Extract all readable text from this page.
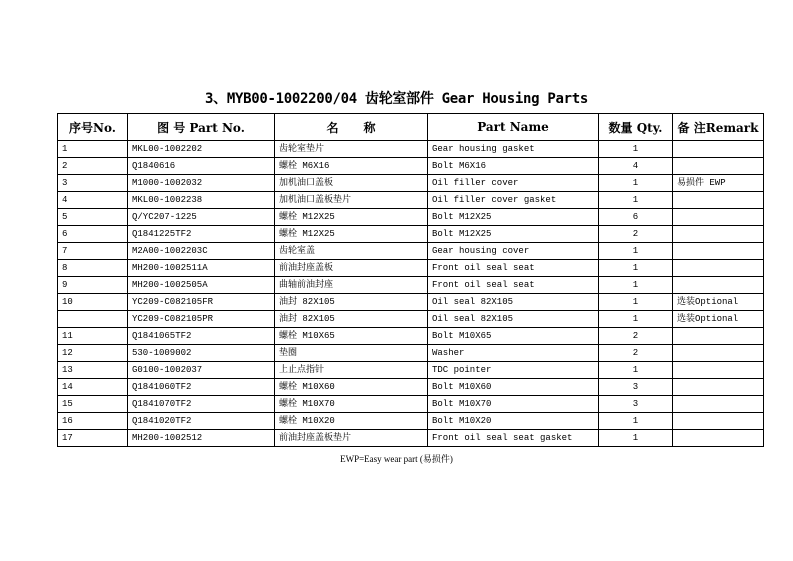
3、MYB00-1002200/04 齿轮室部件 Gear Housing Parts
序号No.	图 号 Part No.	名      称	Part Name	数量 Qty.	备 注Remark
1	MKL00-1002202	齿轮室垫片	Gear housing gasket	1	
2	Q1840616	螺栓 M6X16	Bolt M6X16	4	
3	M1000-1002032	加机油口盖板	Oil filler cover	1	易损件 EWP
4	MKL00-1002238	加机油口盖板垫片	Oil filler cover gasket	1	
5	Q/YC207-1225	螺栓 M12X25	Bolt M12X25	6	
6	Q1841225TF2	螺栓 M12X25	Bolt M12X25	2	
7	M2A00-1002203C	齿轮室盖	Gear housing cover	1	
8	MH200-1002511A	前油封座盖板	Front oil seal seat	1	
9	MH200-1002505A	曲轴前油封座	Front oil seal seat	1	
10	YC209-C082105FR	油封 82X105	Oil seal 82X105	1	选装Optional
	YC209-C082105PR	油封 82X105	Oil seal 82X105	1	选装Optional
11	Q1841065TF2	螺栓 M10X65	Bolt M10X65	2	
12	530-1009002	垫圈	Washer	2	
13	G0100-1002037	上止点指针	TDC pointer	1	
14	Q1841060TF2	螺栓 M10X60	Bolt M10X60	3	
15	Q1841070TF2	螺栓 M10X70	Bolt M10X70	3	
16	Q1841020TF2	螺栓 M10X20	Bolt M10X20	1	
17	MH200-1002512	前油封座盖板垫片	Front oil seal seat gasket	1	
EWP=Easy wear part (易损件)
